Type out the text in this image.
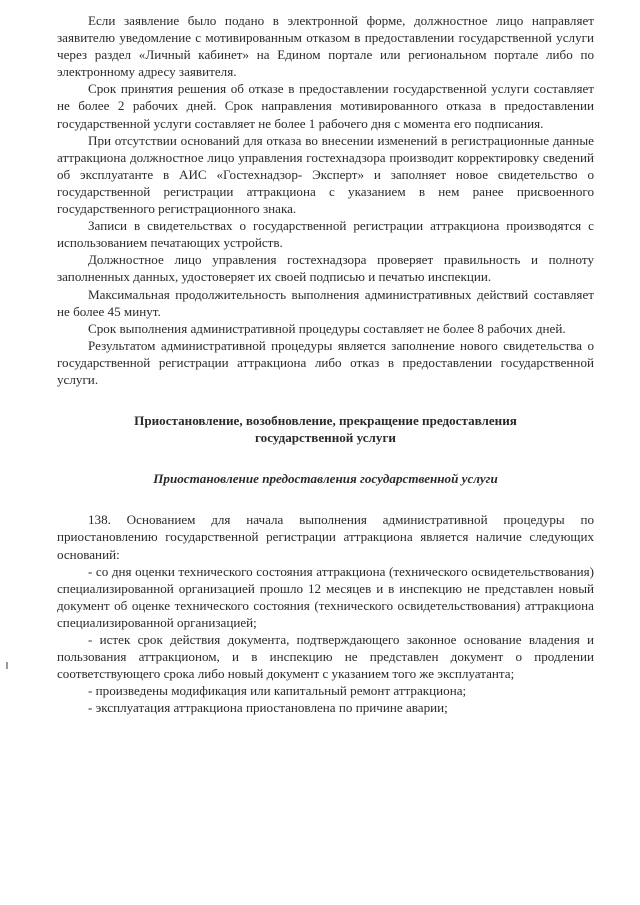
Если заявление было подано в электронной форме, должностное лицо направляет заявителю уведомление с мотивированным отказом в предоставлении государственной услуги через раздел «Личный кабинет» на Едином портале или региональном портале либо по электронному адресу заявителя.

Срок принятия решения об отказе в предоставлении государственной услуги составляет не более 2 рабочих дней. Срок направления мотивированного отказа в предоставлении государственной услуги составляет не более 1 рабочего дня с момента его подписания.

При отсутствии оснований для отказа во внесении изменений в регистрационные данные аттракциона должностное лицо управления гостехнадзора производит корректировку сведений об эксплуатанте в АИС «Гостехнадзор- Эксперт» и заполняет новое свидетельство о государственной регистрации аттракциона с указанием в нем ранее присвоенного государственного регистрационного знака.

Записи в свидетельствах о государственной регистрации аттракциона производятся с использованием печатающих устройств.

Должностное лицо управления гостехнадзора проверяет правильность и полноту заполненных данных, удостоверяет их своей подписью и печатью инспекции.

Максимальная продолжительность выполнения административных действий составляет не более 45 минут.

Срок выполнения административной процедуры составляет не более 8 рабочих дней.

Результатом административной процедуры является заполнение нового свидетельства о государственной регистрации аттракциона либо отказ в предоставлении государственной услуги.

Приостановление, возобновление, прекращение предоставления государственной услуги

Приостановление предоставления государственной услуги

138. Основанием для начала выполнения административной процедуры по приостановлению государственной регистрации аттракциона является наличие следующих оснований:

- со дня оценки технического состояния аттракциона (технического освидетельствования) специализированной организацией прошло 12 месяцев и в инспекцию не представлен новый документ об оценке технического состояния (технического освидетельствования) аттракциона специализированной организацией;

- истек срок действия документа, подтверждающего законное основание владения и пользования аттракционом, и в инспекцию не представлен документ о продлении соответствующего срока либо новый документ с указанием того же эксплуатанта;

- произведены модификация или капитальный ремонт аттракциона;

- эксплуатация аттракциона приостановлена по причине аварии;
